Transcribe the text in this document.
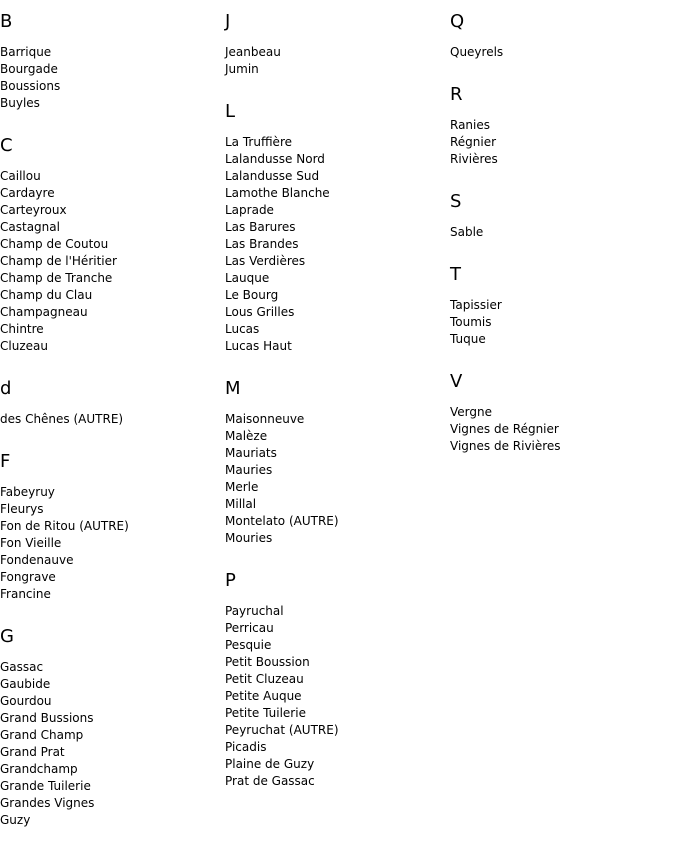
B
Barrique
Bourgade
Boussions
Buyles
C
Caillou
Cardayre
Carteyroux
Castagnal
Champ de Coutou
Champ de l'Héritier
Champ de Tranche
Champ du Clau
Champagneau
Chintre
Cluzeau
d
des Chênes (AUTRE)
F
Fabeyruy
Fleurys
Fon de Ritou (AUTRE)
Fon Vieille
Fondenauve
Fongrave
Francine
G
Gassac
Gaubide
Gourdou
Grand Bussions
Grand Champ
Grand Prat
Grandchamp
Grande Tuilerie
Grandes Vignes
Guzy
J
Jeanbeau
Jumin
L
La Truffière
Lalandusse Nord
Lalandusse Sud
Lamothe Blanche
Laprade
Las Barures
Las Brandes
Las Verdières
Lauque
Le Bourg
Lous Grilles
Lucas
Lucas Haut
M
Maisonneuve
Malèze
Mauriats
Mauries
Merle
Millal
Montelato (AUTRE)
Mouries
P
Payruchal
Perricau
Pesquie
Petit Boussion
Petit Cluzeau
Petite Auque
Petite Tuilerie
Peyruchat (AUTRE)
Picadis
Plaine de Guzy
Prat de Gassac
Q
Queyrels
R
Ranies
Régnier
Rivières
S
Sable
T
Tapissier
Toumis
Tuque
V
Vergne
Vignes de Régnier
Vignes de Rivières
